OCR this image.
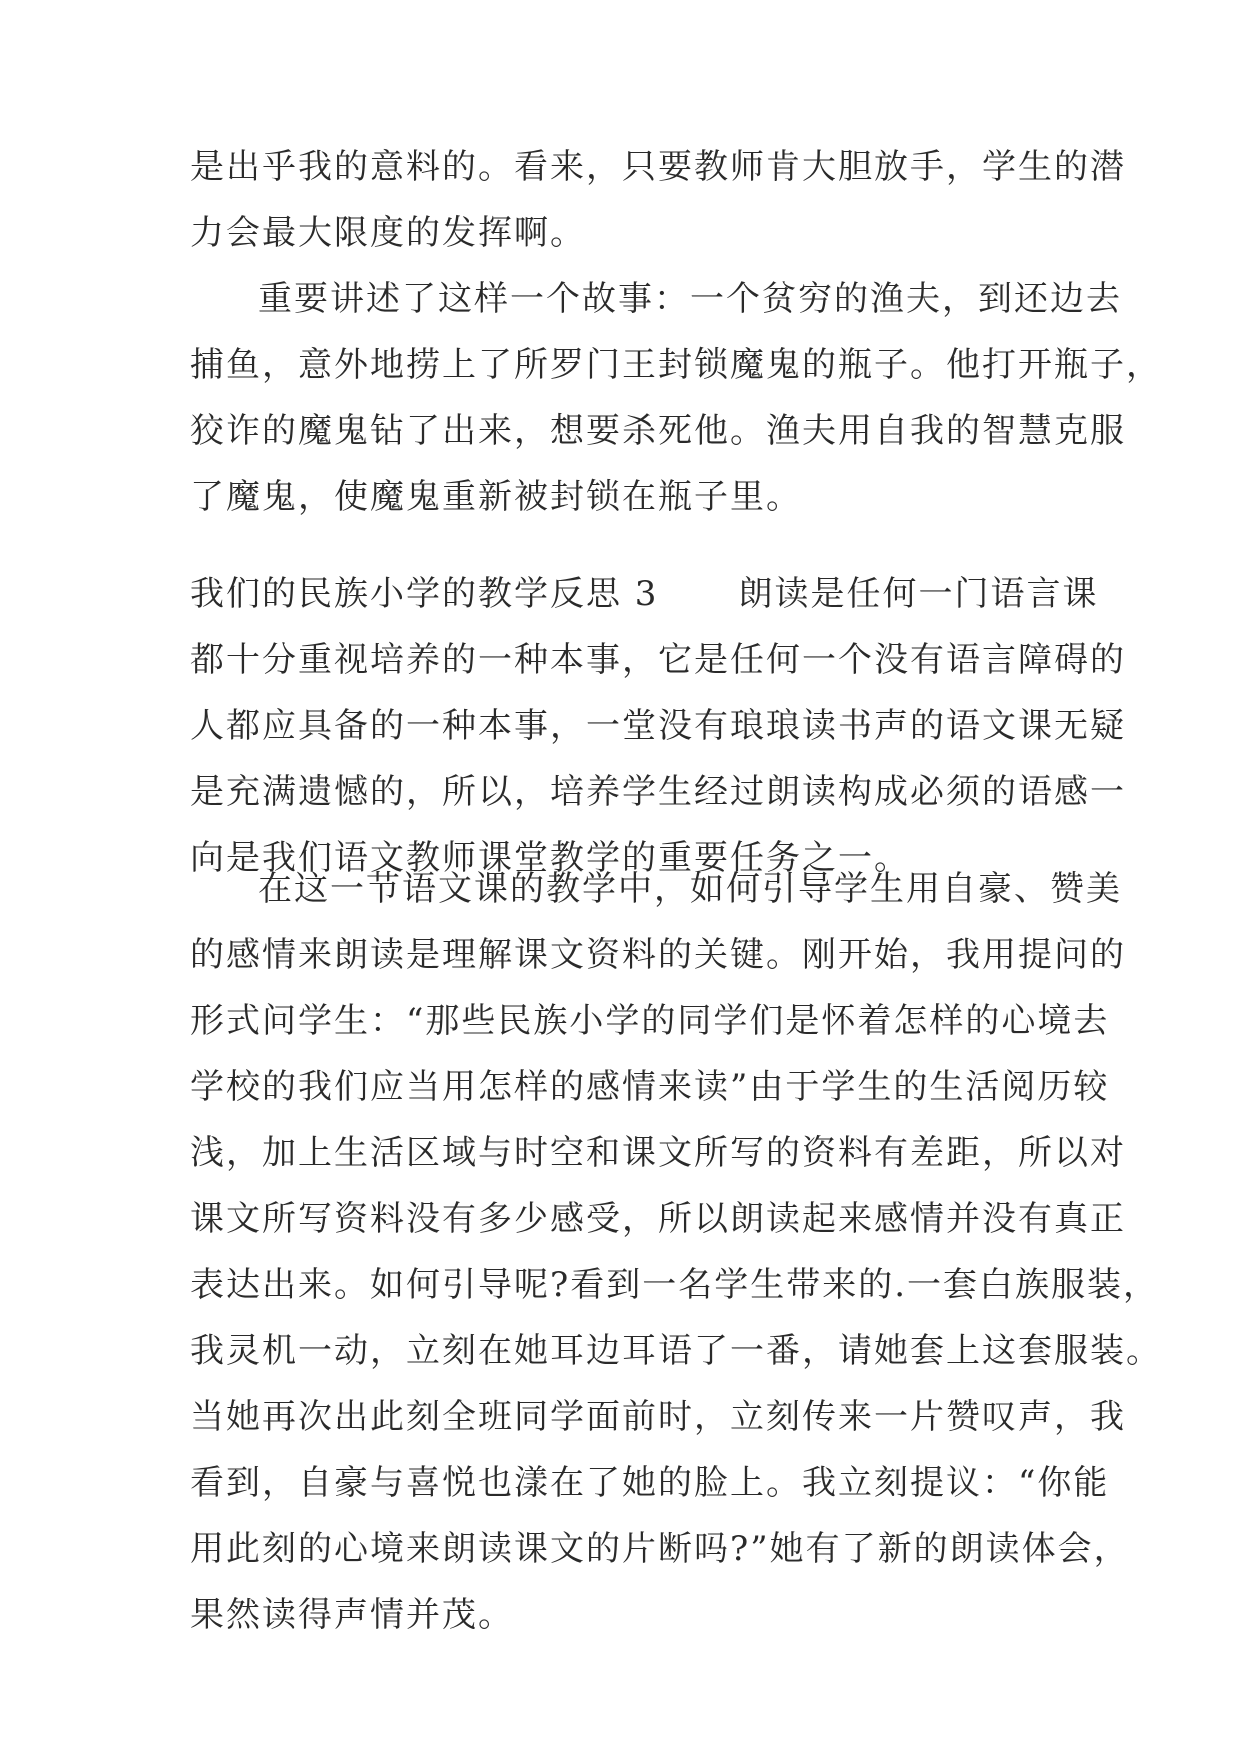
是出乎我的意料的。看来，只要教师肯大胆放手，学生的潜
力会最大限度的发挥啊。
重要讲述了这样一个故事：一个贫穷的渔夫，到还边去
捕鱼，意外地捞上了所罗门王封锁魔鬼的瓶子。他打开瓶子，
狡诈的魔鬼钻了出来，想要杀死他。渔夫用自我的智慧克服
了魔鬼，使魔鬼重新被封锁在瓶子里。
我们的民族小学的教学反思 3 朗读是任何一门语言课
都十分重视培养的一种本事，它是任何一个没有语言障碍的
人都应具备的一种本事，一堂没有琅琅读书声的语文课无疑
是充满遗憾的，所以，培养学生经过朗读构成必须的语感一
向是我们语文教师课堂教学的重要任务之一。
在这一节语文课的教学中，如何引导学生用自豪、赞美
的感情来朗读是理解课文资料的关键。刚开始，我用提问的
形式问学生：“那些民族小学的同学们是怀着怎样的心境去
学校的我们应当用怎样的感情来读”由于学生的生活阅历较
浅，加上生活区域与时空和课文所写的资料有差距，所以对
课文所写资料没有多少感受，所以朗读起来感情并没有真正
表达出来。如何引导呢?看到一名学生带来的.一套白族服装，
我灵机一动，立刻在她耳边耳语了一番，请她套上这套服装。
当她再次出此刻全班同学面前时，立刻传来一片赞叹声，我
看到，自豪与喜悦也漾在了她的脸上。我立刻提议：“你能
用此刻的心境来朗读课文的片断吗?”她有了新的朗读体会，
果然读得声情并茂。
